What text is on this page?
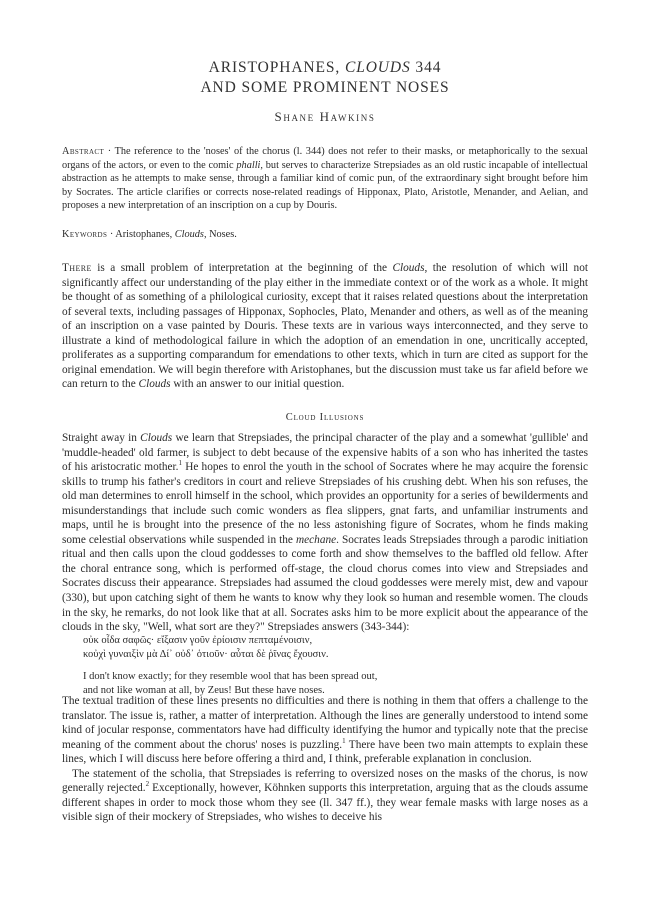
ARISTOPHANES, CLOUDS 344
AND SOME PROMINENT NOSES
Shane Hawkins
Abstract · The reference to the 'noses' of the chorus (l. 344) does not refer to their masks, or metaphorically to the sexual organs of the actors, or even to the comic phalli, but serves to characterize Strepsiades as an old rustic incapable of intellectual abstraction as he attempts to make sense, through a familiar kind of comic pun, of the extraordinary sight brought before him by Socrates. The article clarifies or corrects nose-related readings of Hipponax, Plato, Aristotle, Menander, and Aelian, and proposes a new interpretation of an inscription on a cup by Douris.
Keywords · Aristophanes, Clouds, Noses.
There is a small problem of interpretation at the beginning of the Clouds, the resolution of which will not significantly affect our understanding of the play either in the immediate context or of the work as a whole. It might be thought of as something of a philological curiosity, except that it raises related questions about the interpretation of several texts, including passages of Hipponax, Sophocles, Plato, Menander and others, as well as of the meaning of an inscription on a vase painted by Douris. These texts are in various ways interconnected, and they serve to illustrate a kind of methodological failure in which the adoption of an emendation in one, uncritically accepted, proliferates as a supporting comparandum for emendations to other texts, which in turn are cited as support for the original emendation. We will begin therefore with Aristophanes, but the discussion must take us far afield before we can return to the Clouds with an answer to our initial question.
Cloud Illusions
Straight away in Clouds we learn that Strepsiades, the principal character of the play and a somewhat 'gullible' and 'muddle-headed' old farmer, is subject to debt because of the expensive habits of a son who has inherited the tastes of his aristocratic mother.$^1$ He hopes to enrol the youth in the school of Socrates where he may acquire the forensic skills to trump his father's creditors in court and relieve Strepsiades of his crushing debt. When his son refuses, the old man determines to enroll himself in the school, which provides an opportunity for a series of bewilderments and misunderstandings that include such comic wonders as flea slippers, gnat farts, and unfamiliar instruments and maps, until he is brought into the presence of the no less astonishing figure of Socrates, whom he finds making some celestial observations while suspended in the mechane. Socrates leads Strepsiades through a parodic initiation ritual and then calls upon the cloud goddesses to come forth and show themselves to the baffled old fellow. After the choral entrance song, which is performed off-stage, the cloud chorus comes into view and Strepsiades and Socrates discuss their appearance. Strepsiades had assumed the cloud goddesses were merely mist, dew and vapour (330), but upon catching sight of them he wants to know why they look so human and resemble women. The clouds in the sky, he remarks, do not look like that at all. Socrates asks him to be more explicit about the appearance of the clouds in the sky, "Well, what sort are they?" Strepsiades answers (343-344):
οὐκ οἶδα σαφῶς· εἴξασιν γοῦν ἐρίοισιν πεπταμένοισιν,
κοὐχὶ γυναιξὶν μὰ Δί᾽ οὐδ᾽ ὁτιοῦν· αὗται δὲ ῥῖνας ἔχουσιν.
I don't know exactly; for they resemble wool that has been spread out,
and not like woman at all, by Zeus! But these have noses.

The textual tradition of these lines presents no difficulties and there is nothing in them that offers a challenge to the translator. The issue is, rather, a matter of interpretation. Although the lines are generally understood to intend some kind of jocular response, commentators have had difficulty identifying the humor and typically note that the precise meaning of the comment about the chorus' noses is puzzling.$^1$ There have been two main attempts to explain these lines, which I will discuss here before offering a third and, I think, preferable explanation in conclusion.

The statement of the scholia, that Strepsiades is referring to oversized noses on the masks of the chorus, is now generally rejected.$^2$ Exceptionally, however, Köhnken supports this interpretation, arguing that as the clouds assume different shapes in order to mock those whom they see (ll. 347 ff.), they wear female masks with large noses as a visible sign of their mockery of Strepsiades, who wishes to deceive his
